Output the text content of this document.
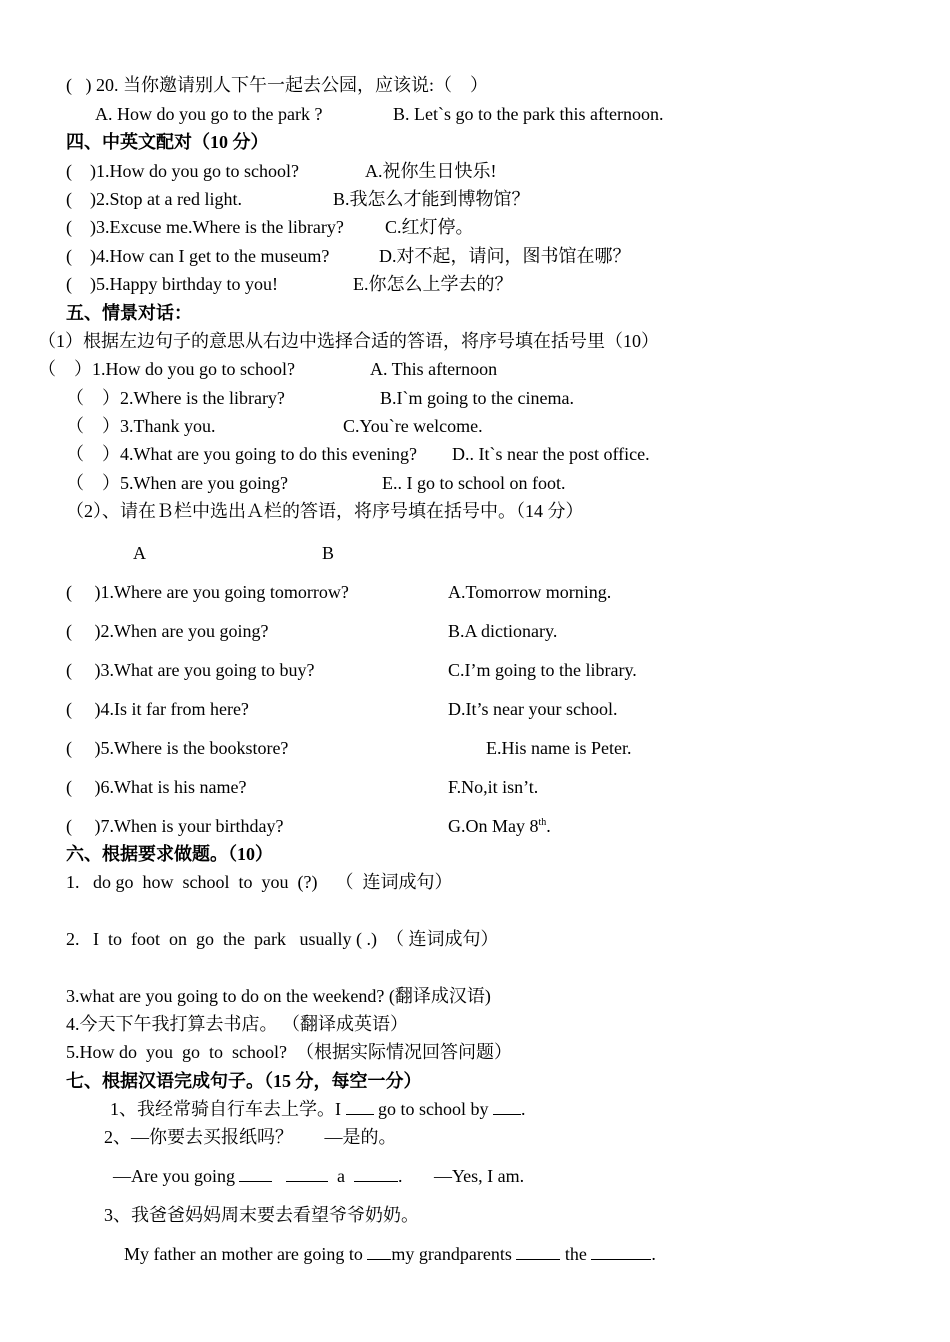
(   ) 20. 当你邀请别人下午一起去公园，应该说:（    ）
A. How do you go to the park ?	B. Let`s go to the park this afternoon.
四、中英文配对（10 分）
(    )1.How do you go to school?	A.祝你生日快乐!
(    )2.Stop at a red light.	B.我怎么才能到博物馆？
(    )3.Excuse me.Where is the library? C.红灯停。
(    )4.How can I get to the museum?	D.对不起，请问，图书馆在哪？
(    )5.Happy birthday to you!	E.你怎么上学去的？
五、情景对话：
（1）根据左边句子的意思从右边中选择合适的答语，将序号填在括号里（10）
（    ）1.How do you go to school?	A. This afternoon
（    ）2.Where is the library?	B.I`m going to the cinema.
（    ）3.Thank you.	C.You`re welcome.
（    ）4.What are you going to do this evening? D.. It`s near the post office.
（    ）5.When are you going?	E.. I go to school on foot.
（2）、请在Ｂ栏中选出Ａ栏的答语，将序号填在括号中。（14 分）
A	B
(     )1.Where are you going tomorrow?	A.Tomorrow morning.
(     )2.When are you going?	B.A dictionary.
(     )3.What are you going to buy?	C.I’m going to the library.
(     )4.Is it far from here?	D.It’s near your school.
(     )5.Where is the bookstore?	E.His name is Peter.
(     )6.What is his name?	F.No,it isn’t.
(     )7.When is your birthday?	G.On May 8th.
六、根据要求做题。（10）
1.   do go  how  school  to  you  (?)    （  连词成句）
2.   I  to  foot  on  go  the  park   usually ( .)  （ 连词成句）
3.what are you going to do on the weekend? (翻译成汉语)
4.今天下午我打算去书店。 （翻译成英语）
5.How do  you  go  to  school?  （根据实际情况回答问题）
七、根据汉语完成句子。（15 分，每空一分）
1、我经常骑自行车去上学。I  go to school by .
2、—你要去买报纸吗？       —是的。
—Are you going	a	.       —Yes, I am.
3、我爸爸妈妈周末要去看望爷爷奶奶。
My father an mother are going to my grandparents  the	.
